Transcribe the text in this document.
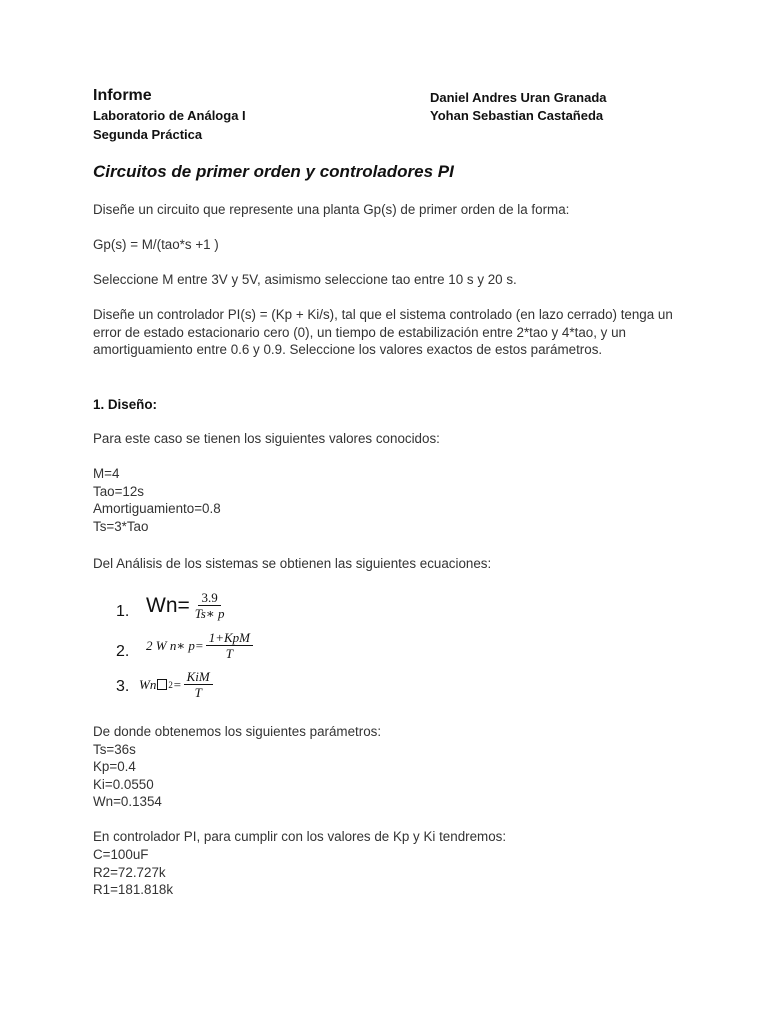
Informe	Daniel Andres Uran Granada
Laboratorio de Análoga I	Yohan Sebastian Castañeda
Segunda Práctica
Circuitos de primer orden y controladores PI

Diseñe un circuito que represente una planta Gp(s) de primer orden de la forma:

Gp(s) = M/(tao*s +1 )

Seleccione M entre 3V y 5V, asimismo seleccione tao entre 10 s y 20 s.

Diseñe un controlador PI(s) = (Kp + Ki/s), tal que el sistema controlado (en lazo cerrado) tenga un error de estado estacionario cero (0), un tiempo de estabilización entre 2*tao y 4*tao, y un amortiguamiento entre 0.6 y 0.9. Seleccione los valores exactos de estos parámetros.

1. Diseño:

Para este caso se tienen los siguientes valores conocidos:

M=4

Tao=12s

Amortiguamiento=0.8

Ts=3*Tao

Del Análisis de los sistemas se obtienen las siguientes ecuaciones:

1. $Wn= \frac{3.9}{Ts∗ p}$
2. 2 W n∗ $p= \frac{\text{1+KpM}}{T}$
3. Wn $2 = \frac{\text{KiM}}{T}$

De donde obtenemos los siguientes parámetros:

Ts=36s

Kp=0.4

Ki=0.0550

Wn=0.1354

En controlador PI, para cumplir con los valores de Kp y Ki tendremos:

C=100uF

R2=72.727k

R1=181.818k
